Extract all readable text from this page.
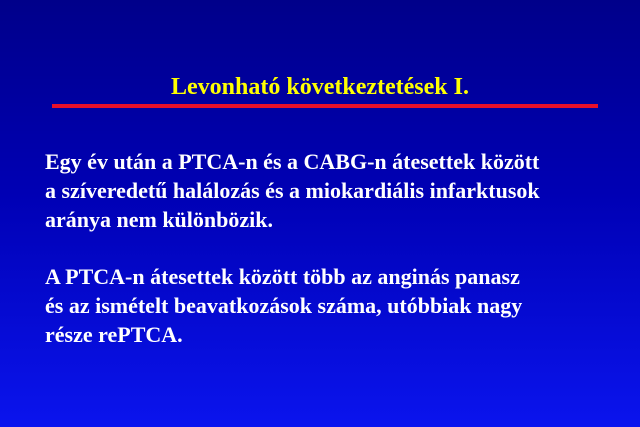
Levonható következtetések I.

Egy év után a PTCA-n és a CABG-n átesettek között
a szíveredetű halálozás és a miokardiális infarktusok
aránya nem különbözik.

A PTCA-n átesettek között több az anginás panasz
és az ismételt beavatkozások száma, utóbbiak nagy
része rePTCA.
